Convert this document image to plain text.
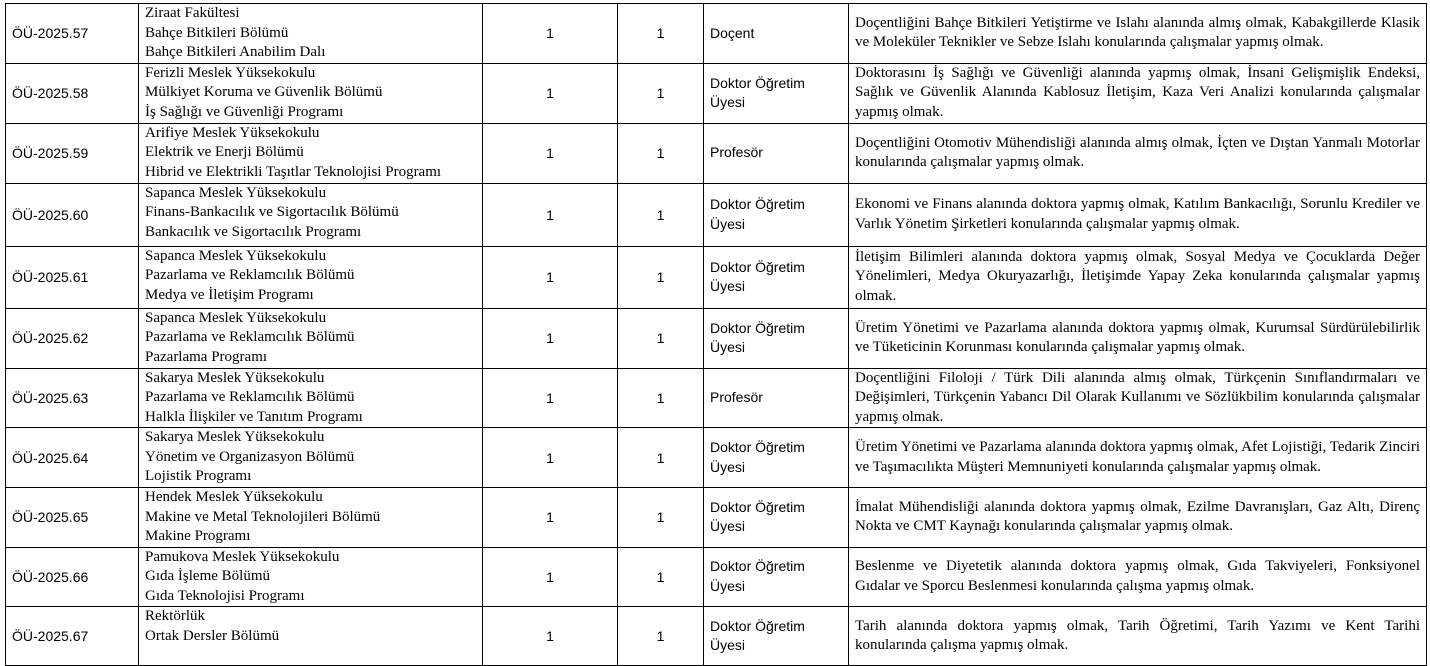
ÖÜ-2025.57	Ziraat Fakültesi
Bahçe Bitkileri Bölümü
Bahçe Bitkileri Anabilim Dalı	1	1	Doçent	Doçentliğini Bahçe Bitkileri Yetiştirme ve Islahı alanında almış olmak, Kabakgillerde Klasik ve Moleküler Teknikler ve Sebze Islahı konularında çalışmalar yapmış olmak.
ÖÜ-2025.58	Ferizli Meslek Yüksekokulu
Mülkiyet Koruma ve Güvenlik Bölümü
İş Sağlığı ve Güvenliği Programı	1	1	Doktor Öğretim Üyesi	Doktorasını İş Sağlığı ve Güvenliği alanında yapmış olmak, İnsani Gelişmişlik Endeksi, Sağlık ve Güvenlik Alanında Kablosuz İletişim, Kaza Veri Analizi konularında çalışmalar yapmış olmak.
ÖÜ-2025.59	Arifiye Meslek Yüksekokulu
Elektrik ve Enerji Bölümü
Hibrid ve Elektrikli Taşıtlar Teknolojisi Programı	1	1	Profesör	Doçentliğini Otomotiv Mühendisliği alanında almış olmak, İçten ve Dıştan Yanmalı Motorlar konularında çalışmalar yapmış olmak.
ÖÜ-2025.60	Sapanca Meslek Yüksekokulu
Finans-Bankacılık ve Sigortacılık Bölümü
Bankacılık ve Sigortacılık Programı	1	1	Doktor Öğretim Üyesi	Ekonomi ve Finans alanında doktora yapmış olmak, Katılım Bankacılığı, Sorunlu Krediler ve Varlık Yönetim Şirketleri konularında çalışmalar yapmış olmak.
ÖÜ-2025.61	Sapanca Meslek Yüksekokulu
Pazarlama ve Reklamcılık Bölümü
Medya ve İletişim Programı	1	1	Doktor Öğretim Üyesi	İletişim Bilimleri alanında doktora yapmış olmak, Sosyal Medya ve Çocuklarda Değer Yönelimleri, Medya Okuryazarlığı, İletişimde Yapay Zeka konularında çalışmalar yapmış olmak.
ÖÜ-2025.62	Sapanca Meslek Yüksekokulu
Pazarlama ve Reklamcılık Bölümü
Pazarlama Programı	1	1	Doktor Öğretim Üyesi	Üretim Yönetimi ve Pazarlama alanında doktora yapmış olmak, Kurumsal Sürdürülebilirlik ve Tüketicinin Korunması konularında çalışmalar yapmış olmak.
ÖÜ-2025.63	Sakarya Meslek Yüksekokulu
Pazarlama ve Reklamcılık Bölümü
Halkla İlişkiler ve Tanıtım Programı	1	1	Profesör	Doçentliğini Filoloji / Türk Dili alanında almış olmak, Türkçenin Sınıflandırmaları ve Değişimleri, Türkçenin Yabancı Dil Olarak Kullanımı ve Sözlükbilim konularında çalışmalar yapmış olmak.
ÖÜ-2025.64	Sakarya Meslek Yüksekokulu
Yönetim ve Organizasyon Bölümü
Lojistik Programı	1	1	Doktor Öğretim Üyesi	Üretim Yönetimi ve Pazarlama alanında doktora yapmış olmak, Afet Lojistiği, Tedarik Zinciri ve Taşımacılıkta Müşteri Memnuniyeti konularında çalışmalar yapmış olmak.
ÖÜ-2025.65	Hendek Meslek Yüksekokulu
Makine ve Metal Teknolojileri Bölümü
Makine Programı	1	1	Doktor Öğretim Üyesi	İmalat Mühendisliği alanında doktora yapmış olmak, Ezilme Davranışları, Gaz Altı, Direnç Nokta ve CMT Kaynağı konularında çalışmalar yapmış olmak.
ÖÜ-2025.66	Pamukova Meslek Yüksekokulu
Gıda İşleme Bölümü
Gıda Teknolojisi Programı	1	1	Doktor Öğretim Üyesi	Beslenme ve Diyetetik alanında doktora yapmış olmak, Gıda Takviyeleri, Fonksiyonel Gıdalar ve Sporcu Beslenmesi konularında çalışma yapmış olmak.
ÖÜ-2025.67	Rektörlük
Ortak Dersler Bölümü	1	1	Doktor Öğretim Üyesi	Tarih alanında doktora yapmış olmak, Tarih Öğretimi, Tarih Yazımı ve Kent Tarihi konularında çalışma yapmış olmak.
